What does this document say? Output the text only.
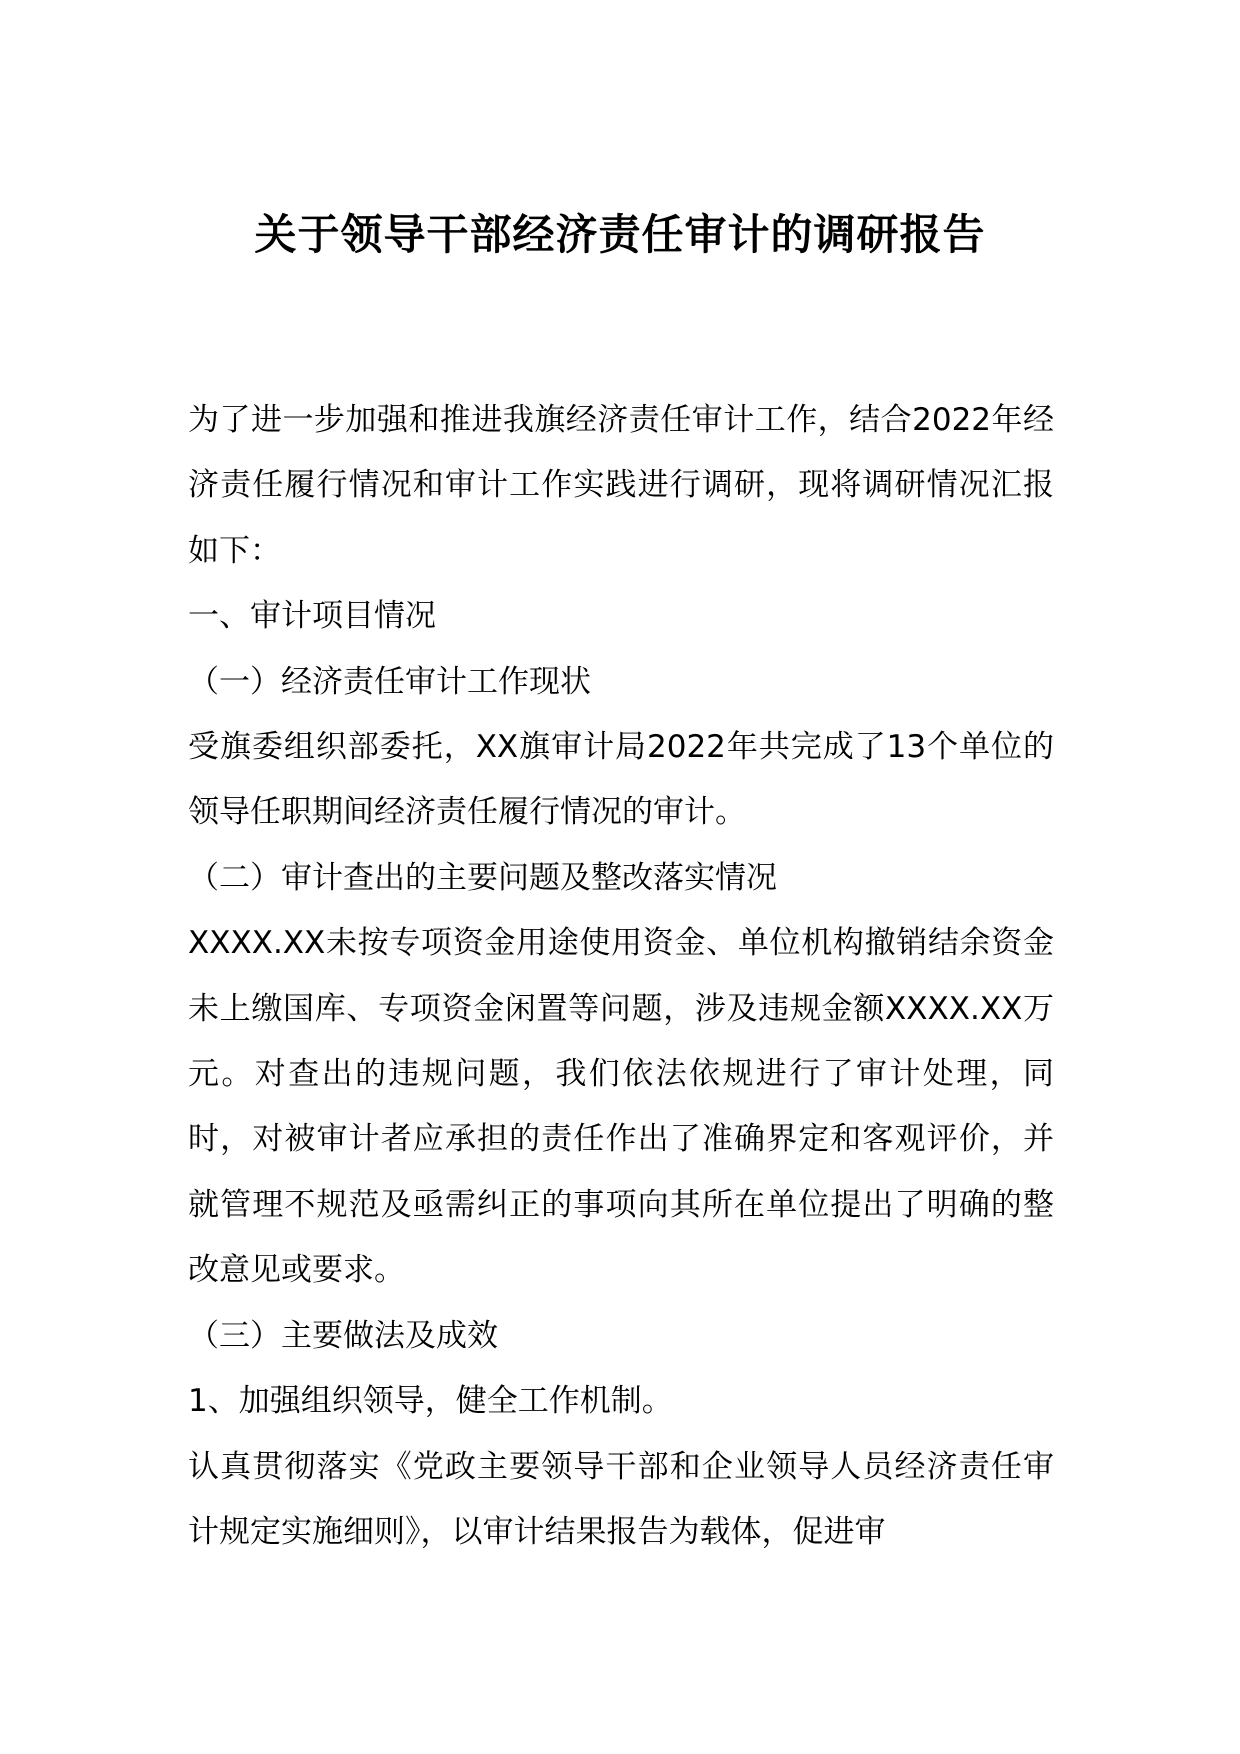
关于领导干部经济责任审计的调研报告

为了进一步加强和推进我旗经济责任审计工作，结合2022年经济责任履行情况和审计工作实践进行调研，现将调研情况汇报如下：

一、审计项目情况

（一）经济责任审计工作现状

受旗委组织部委托，XX旗审计局2022年共完成了13个单位的领导任职期间经济责任履行情况的审计。

（二）审计查出的主要问题及整改落实情况

XXXX.XX未按专项资金用途使用资金、单位机构撤销结余资金未上缴国库、专项资金闲置等问题，涉及违规金额XXXX.XX万元。对查出的违规问题，我们依法依规进行了审计处理，同时，对被审计者应承担的责任作出了准确界定和客观评价，并就管理不规范及亟需纠正的事项向其所在单位提出了明确的整改意见或要求。

（三）主要做法及成效

1、加强组织领导，健全工作机制。

认真贯彻落实《党政主要领导干部和企业领导人员经济责任审计规定实施细则》，以审计结果报告为载体，促进审
